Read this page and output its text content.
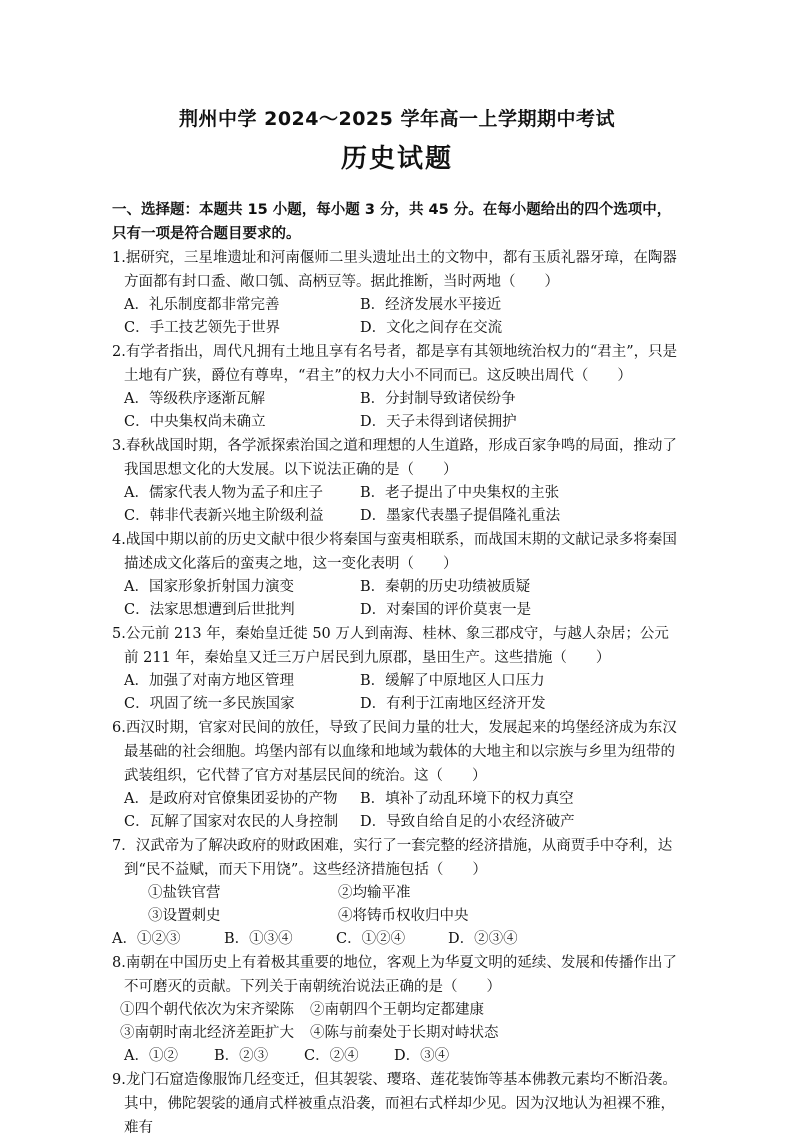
荆州中学 2024～2025 学年高一上学期期中考试
历史试题
一、选择题：本题共 15 小题，每小题 3 分，共 45 分。在每小题给出的四个选项中，只有一项是符合题目要求的。
1.据研究，三星堆遗址和河南偃师二里头遗址出土的文物中，都有玉质礼器牙璋，在陶器方面都有封口盉、敞口瓠、高柄豆等。据此推断，当时两地（　　）
A．礼乐制度都非常完善	B．经济发展水平接近
C．手工技艺领先于世界	D．文化之间存在交流
2.有学者指出，周代凡拥有土地且享有名号者，都是享有其领地统治权力的“君主”，只是土地有广狭，爵位有尊卑，“君主”的权力大小不同而已。这反映出周代（　　）
A．等级秩序逐渐瓦解	B．分封制导致诸侯纷争
C．中央集权尚未确立	D．天子未得到诸侯拥护
3.春秋战国时期，各学派探索治国之道和理想的人生道路，形成百家争鸣的局面，推动了我国思想文化的大发展。以下说法正确的是（　　）
A．儒家代表人物为孟子和庄子	B．老子提出了中央集权的主张
C．韩非代表新兴地主阶级利益	D．墨家代表墨子提倡隆礼重法
4.战国中期以前的历史文献中很少将秦国与蛮夷相联系，而战国末期的文献记录多将秦国描述成文化落后的蛮夷之地，这一变化表明（　　）
A．国家形象折射国力演变	B．秦朝的历史功绩被质疑
C．法家思想遭到后世批判	D．对秦国的评价莫衷一是
5.公元前 213 年，秦始皇迁徙 50 万人到南海、桂林、象三郡戍守，与越人杂居；公元前 211 年，秦始皇又迁三万户居民到九原郡，垦田生产。这些措施（　　）
A．加强了对南方地区管理	B．缓解了中原地区人口压力
C．巩固了统一多民族国家	D．有利于江南地区经济开发
6.西汉时期，官家对民间的放任，导致了民间力量的壮大，发展起来的坞堡经济成为东汉最基础的社会细胞。坞堡内部有以血缘和地域为载体的大地主和以宗族与乡里为纽带的武装组织，它代替了官方对基层民间的统治。这（　　）
A．是政府对官僚集团妥协的产物	B．填补了动乱环境下的权力真空
C．瓦解了国家对农民的人身控制	D．导致自给自足的小农经济破产
7．汉武帝为了解决政府的财政困难，实行了一套完整的经济措施，从商贾手中夺利，达到“民不益赋，而天下用饶”。这些经济措施包括（　　）
①盐铁官营	②均输平准
③设置刺史	④将铸币权收归中央
A．①②③	B．①③④	C．①②④	D．②③④
8.南朝在中国历史上有着极其重要的地位，客观上为华夏文明的延续、发展和传播作出了不可磨灭的贡献。下列关于南朝统治说法正确的是（　　）
①四个朝代依次为宋齐梁陈	②南朝四个王朝均定都建康
③南朝时南北经济差距扩大	④陈与前秦处于长期对峙状态
A．①②	B．②③	C．②④	D．③④
9.龙门石窟造像服饰几经变迁，但其袈裟、璎珞、莲花装饰等基本佛教元素均不断沿袭。其中，佛陀袈裟的通肩式样被重点沿袭，而袒右式样却少见。因为汉地认为袒裸不雅，难有
